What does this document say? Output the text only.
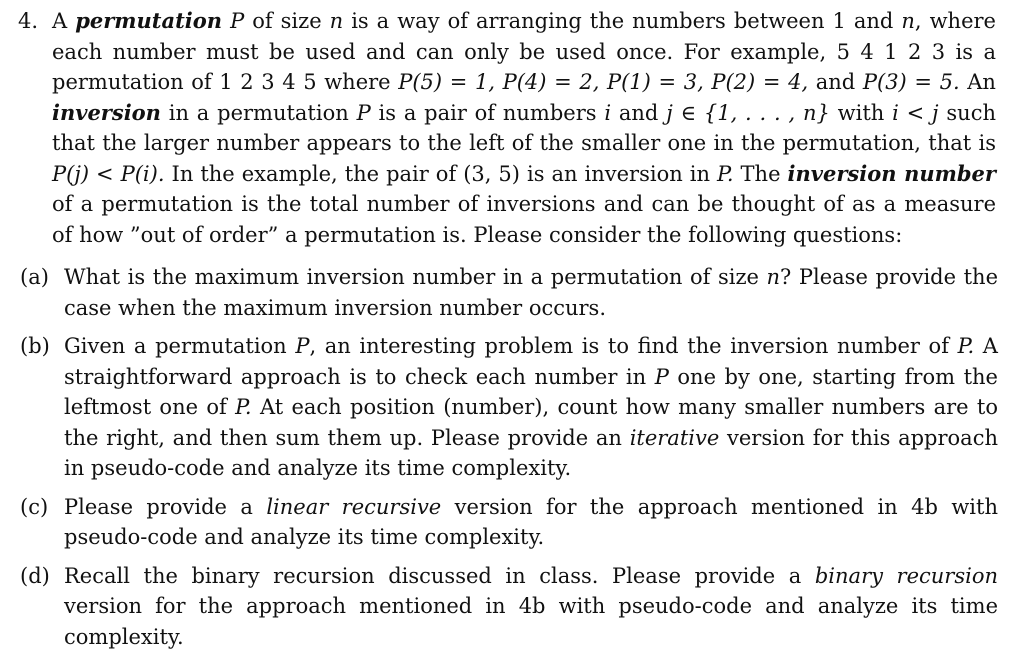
4. A permutation P of size n is a way of arranging the numbers between 1 and n, where each number must be used and can only be used once. For example, 5 4 1 2 3 is a permutation of 1 2 3 4 5 where P(5) = 1, P(4) = 2, P(1) = 3, P(2) = 4, and P(3) = 5. An inversion in a permutation P is a pair of numbers i and j ∈ {1, . . . , n} with i < j such that the larger number appears to the left of the smaller one in the permutation, that is P(j) < P(i). In the example, the pair of (3, 5) is an inversion in P. The inversion number of a permutation is the total number of inversions and can be thought of as a measure of how ”out of order” a permutation is. Please consider the following questions:

(a) What is the maximum inversion number in a permutation of size n? Please provide the case when the maximum inversion number occurs.
(b) Given a permutation P, an interesting problem is to find the inversion number of P. A straightforward approach is to check each number in P one by one, starting from the leftmost one of P. At each position (number), count how many smaller numbers are to the right, and then sum them up. Please provide an iterative version for this approach in pseudo-code and analyze its time complexity.
(c) Please provide a linear recursive version for the approach mentioned in 4b with pseudo-code and analyze its time complexity.
(d) Recall the binary recursion discussed in class. Please provide a binary recursion version for the approach mentioned in 4b with pseudo-code and analyze its time complexity.
